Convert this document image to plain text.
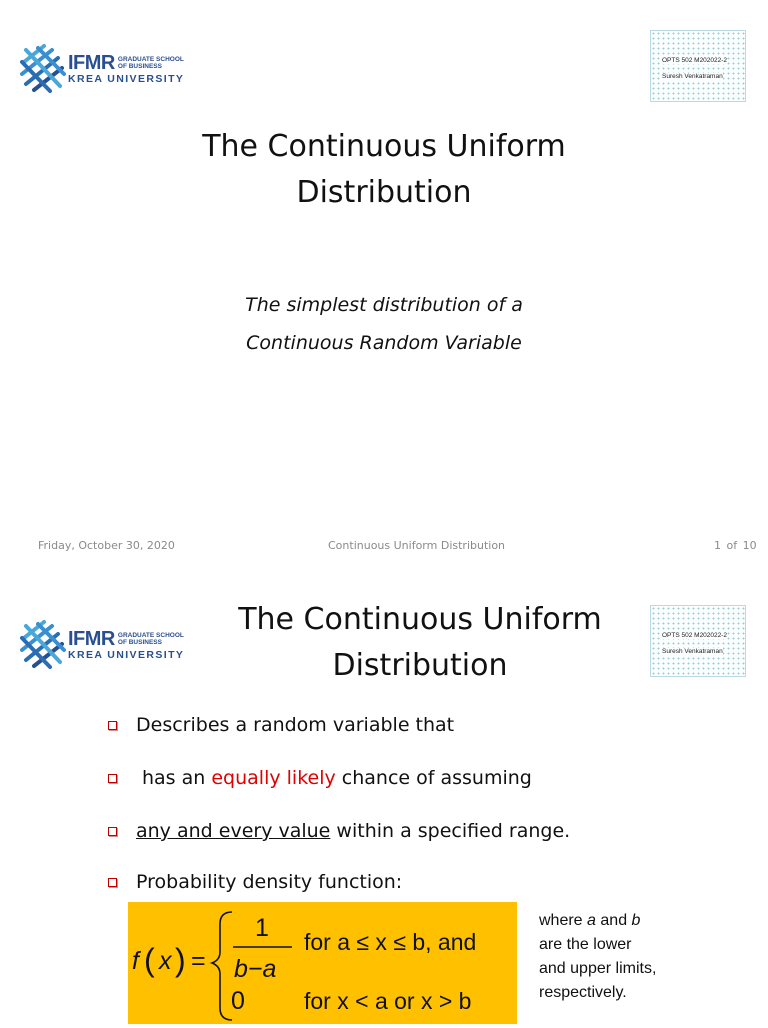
IFMR GRADUATE SCHOOL
OF BUSINESS
KREA UNIVERSITY
OPTS 502 M202022-2
Suresh Venkatraman
The Continuous Uniform
Distribution
The simplest distribution of a
Continuous Random Variable
Friday, October 30, 2020	Continuous Uniform Distribution	1 of 10
IFMR GRADUATE SCHOOL
OF BUSINESS
KREA UNIVERSITY
OPTS 502 M202022-2
Suresh Venkatraman
The Continuous Uniform
Distribution
Describes a random variable that
has an
equally likely
chance of assuming
any and every value
within a specified range.
Probability density function:
f ( x ) =
1
b−a
for a ≤ x ≤ b, and
0	for x < a or x > b
where a and b
are the lower
and upper limits,
respectively.
